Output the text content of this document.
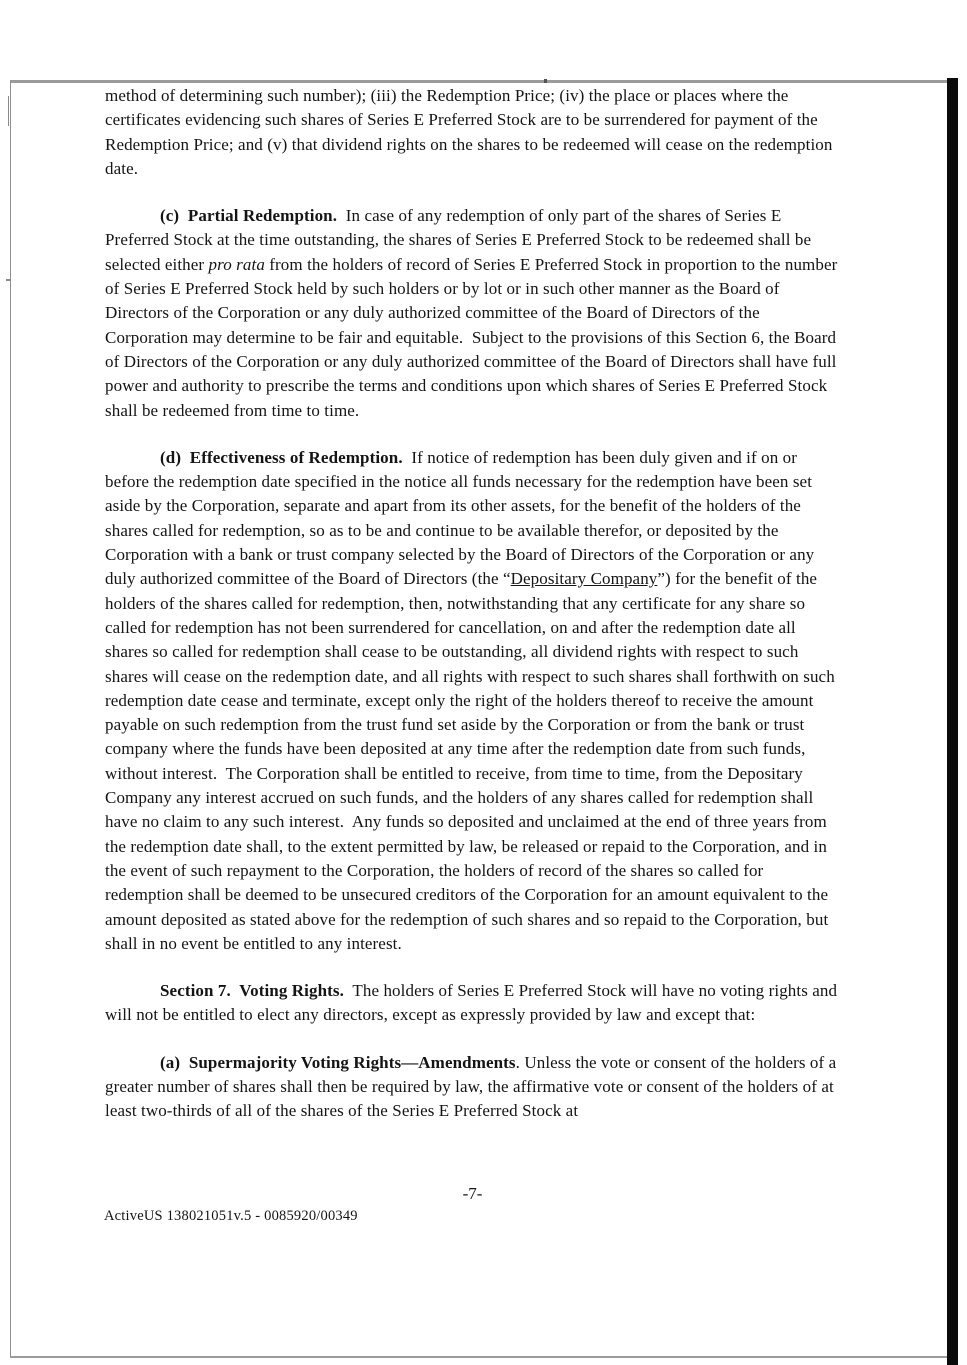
method of determining such number); (iii) the Redemption Price; (iv) the place or places where the certificates evidencing such shares of Series E Preferred Stock are to be surrendered for payment of the Redemption Price; and (v) that dividend rights on the shares to be redeemed will cease on the redemption date.

(c)  Partial Redemption.  In case of any redemption of only part of the shares of Series E Preferred Stock at the time outstanding, the shares of Series E Preferred Stock to be redeemed shall be selected either pro rata from the holders of record of Series E Preferred Stock in proportion to the number of Series E Preferred Stock held by such holders or by lot or in such other manner as the Board of Directors of the Corporation or any duly authorized committee of the Board of Directors of the Corporation may determine to be fair and equitable.  Subject to the provisions of this Section 6, the Board of Directors of the Corporation or any duly authorized committee of the Board of Directors shall have full power and authority to prescribe the terms and conditions upon which shares of Series E Preferred Stock shall be redeemed from time to time.

(d)  Effectiveness of Redemption.  If notice of redemption has been duly given and if on or before the redemption date specified in the notice all funds necessary for the redemption have been set aside by the Corporation, separate and apart from its other assets, for the benefit of the holders of the shares called for redemption, so as to be and continue to be available therefor, or deposited by the Corporation with a bank or trust company selected by the Board of Directors of the Corporation or any duly authorized committee of the Board of Directors (the “Depositary Company”) for the benefit of the holders of the shares called for redemption, then, notwithstanding that any certificate for any share so called for redemption has not been surrendered for cancellation, on and after the redemption date all shares so called for redemption shall cease to be outstanding, all dividend rights with respect to such shares will cease on the redemption date, and all rights with respect to such shares shall forthwith on such redemption date cease and terminate, except only the right of the holders thereof to receive the amount payable on such redemption from the trust fund set aside by the Corporation or from the bank or trust company where the funds have been deposited at any time after the redemption date from such funds, without interest.  The Corporation shall be entitled to receive, from time to time, from the Depositary Company any interest accrued on such funds, and the holders of any shares called for redemption shall have no claim to any such interest.  Any funds so deposited and unclaimed at the end of three years from the redemption date shall, to the extent permitted by law, be released or repaid to the Corporation, and in the event of such repayment to the Corporation, the holders of record of the shares so called for redemption shall be deemed to be unsecured creditors of the Corporation for an amount equivalent to the amount deposited as stated above for the redemption of such shares and so repaid to the Corporation, but shall in no event be entitled to any interest.

Section 7.  Voting Rights.  The holders of Series E Preferred Stock will have no voting rights and will not be entitled to elect any directors, except as expressly provided by law and except that:

(a)  Supermajority Voting Rights—Amendments. Unless the vote or consent of the holders of a greater number of shares shall then be required by law, the affirmative vote or consent of the holders of at least two-thirds of all of the shares of the Series E Preferred Stock at

-7-
ActiveUS 138021051v.5 - 0085920/00349
